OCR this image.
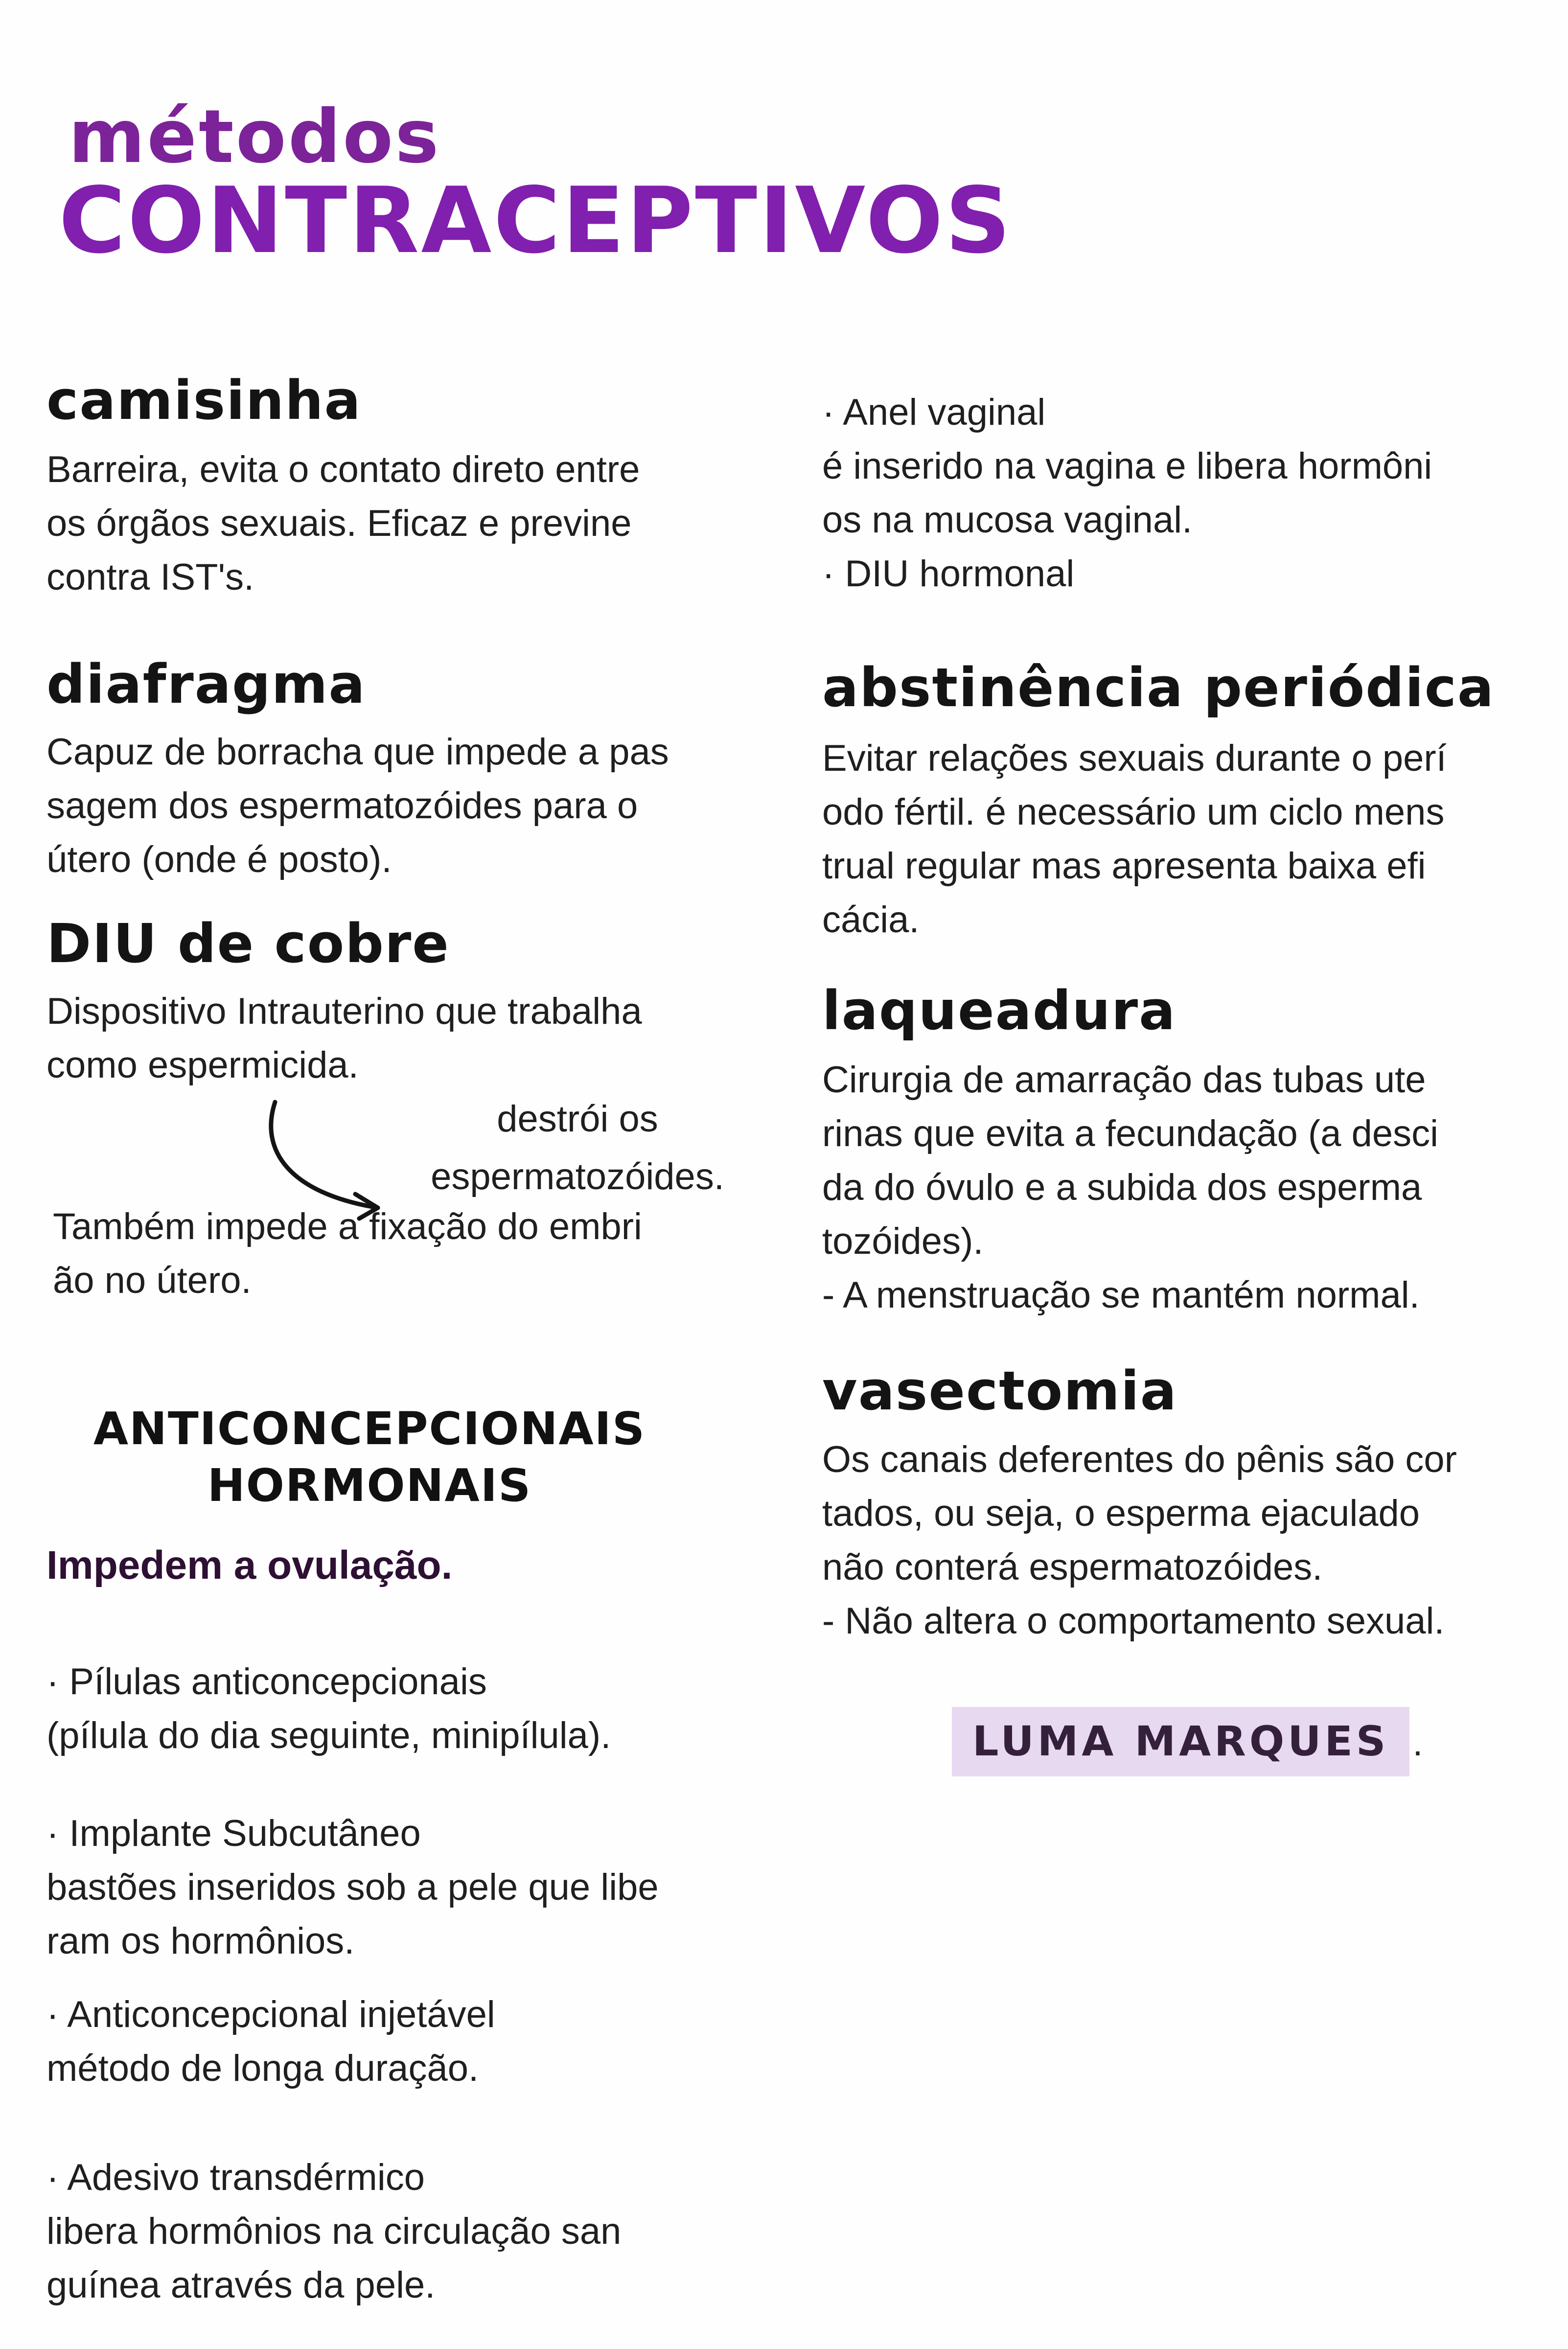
métodos
CONTRACEPTIVOS
camisinha
Barreira, evita o contato direto entre
os órgãos sexuais. Eficaz e previne
contra IST's.
diafragma
Capuz de borracha que impede a pas
sagem dos espermatozóides para o
útero (onde é posto).
DIU de cobre
Dispositivo Intrauterino que trabalha
como espermicida.
destrói os
espermatozóides.
Também impede a fixação do embri
ão no útero.
ANTICONCEPCIONAIS
HORMONAIS
Impedem a ovulação.
· Pílulas anticoncepcionais
(pílula do dia seguinte, minipílula).
· Implante Subcutâneo
bastões inseridos sob a pele que libe
ram os hormônios.
· Anticoncepcional injetável
método de longa duração.
· Adesivo transdérmico
libera hormônios na circulação san
guínea através da pele.
· Anel vaginal
é inserido na vagina e libera hormôni
os na mucosa vaginal.
· DIU hormonal
abstinência periódica
Evitar relações sexuais durante o perí
odo fértil. é necessário um ciclo mens
trual regular mas apresenta baixa efi
cácia.
laqueadura
Cirurgia de amarração das tubas ute
rinas que evita a fecundação (a desci
da do óvulo e a subida dos esperma
tozóides).
- A menstruação se mantém normal.
vasectomia
Os canais deferentes do pênis são cor
tados, ou seja, o esperma ejaculado
não conterá espermatozóides.
- Não altera o comportamento sexual.
LUMA MARQUES .
